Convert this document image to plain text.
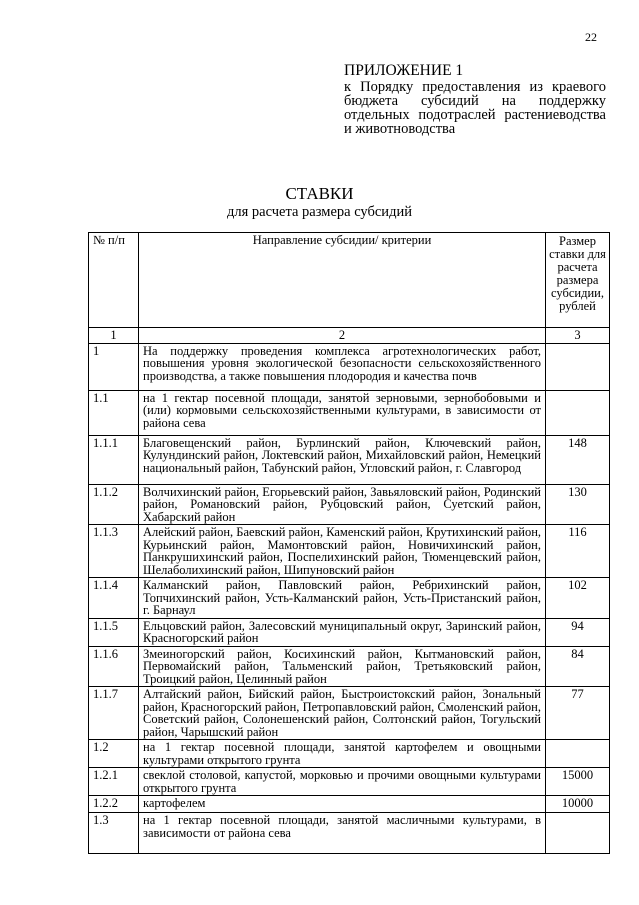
22
ПРИЛОЖЕНИЕ 1
к Порядку предоставления из краевого бюджета субсидий на поддержку отдельных подотраслей растениеводства и животноводства
СТАВКИ
для расчета размера субсидий
№ п/п	Направление субсидии/ критерии	Размер ставки для расчета размера субсидии, рублей
1	2	3
1	На поддержку проведения комплекса агротехнологических работ, повышения уровня экологической безопасности сельскохозяйственного производства, а также повышения плодородия и качества почв	
1.1	на 1 гектар посевной площади, занятой зерновыми, зернобобовыми и (или) кормовыми сельскохозяйственными культурами, в зависимости от района сева	
1.1.1	Благовещенский район, Бурлинский район, Ключевский район, Кулундинский район, Локтевский район, Михайловский район, Немецкий национальный район, Табунский район, Угловский район, г. Славгород	148
1.1.2	Волчихинский район, Егорьевский район, Завьяловский район, Родинский район, Романовский район, Рубцовский район, Суетский район, Хабарский район	130
1.1.3	Алейский район, Баевский район, Каменский район, Крутихинский район, Курьинский район, Мамонтовский район, Новичихинский район, Панкрушихинский район, Поспелихинский район, Тюменцевский район, Шелаболихинский район, Шипуновский район	116
1.1.4	Калманский район, Павловский район, Ребрихинский район, Топчихинский район, Усть-Калманский район, Усть-Пристанский район, г. Барнаул	102
1.1.5	Ельцовский район, Залесовский муниципальный округ, Заринский район, Красногорский район	94
1.1.6	Змеиногорский район, Косихинский район, Кытмановский район, Первомайский район, Тальменский район, Третьяковский район, Троицкий район, Целинный район	84
1.1.7	Алтайский район, Бийский район, Быстроистокский район, Зональный район, Красногорский район, Петропавловский район, Смоленский район, Советский район, Солонешенский район, Солтонский район, Тогульский район, Чарышский район	77
1.2	на 1 гектар посевной площади, занятой картофелем и овощными культурами открытого грунта	
1.2.1	свеклой столовой, капустой, морковью и прочими овощными культурами открытого грунта	15000
1.2.2	картофелем	10000
1.3	на 1 гектар посевной площади, занятой масличными культурами, в зависимости от района сева	
